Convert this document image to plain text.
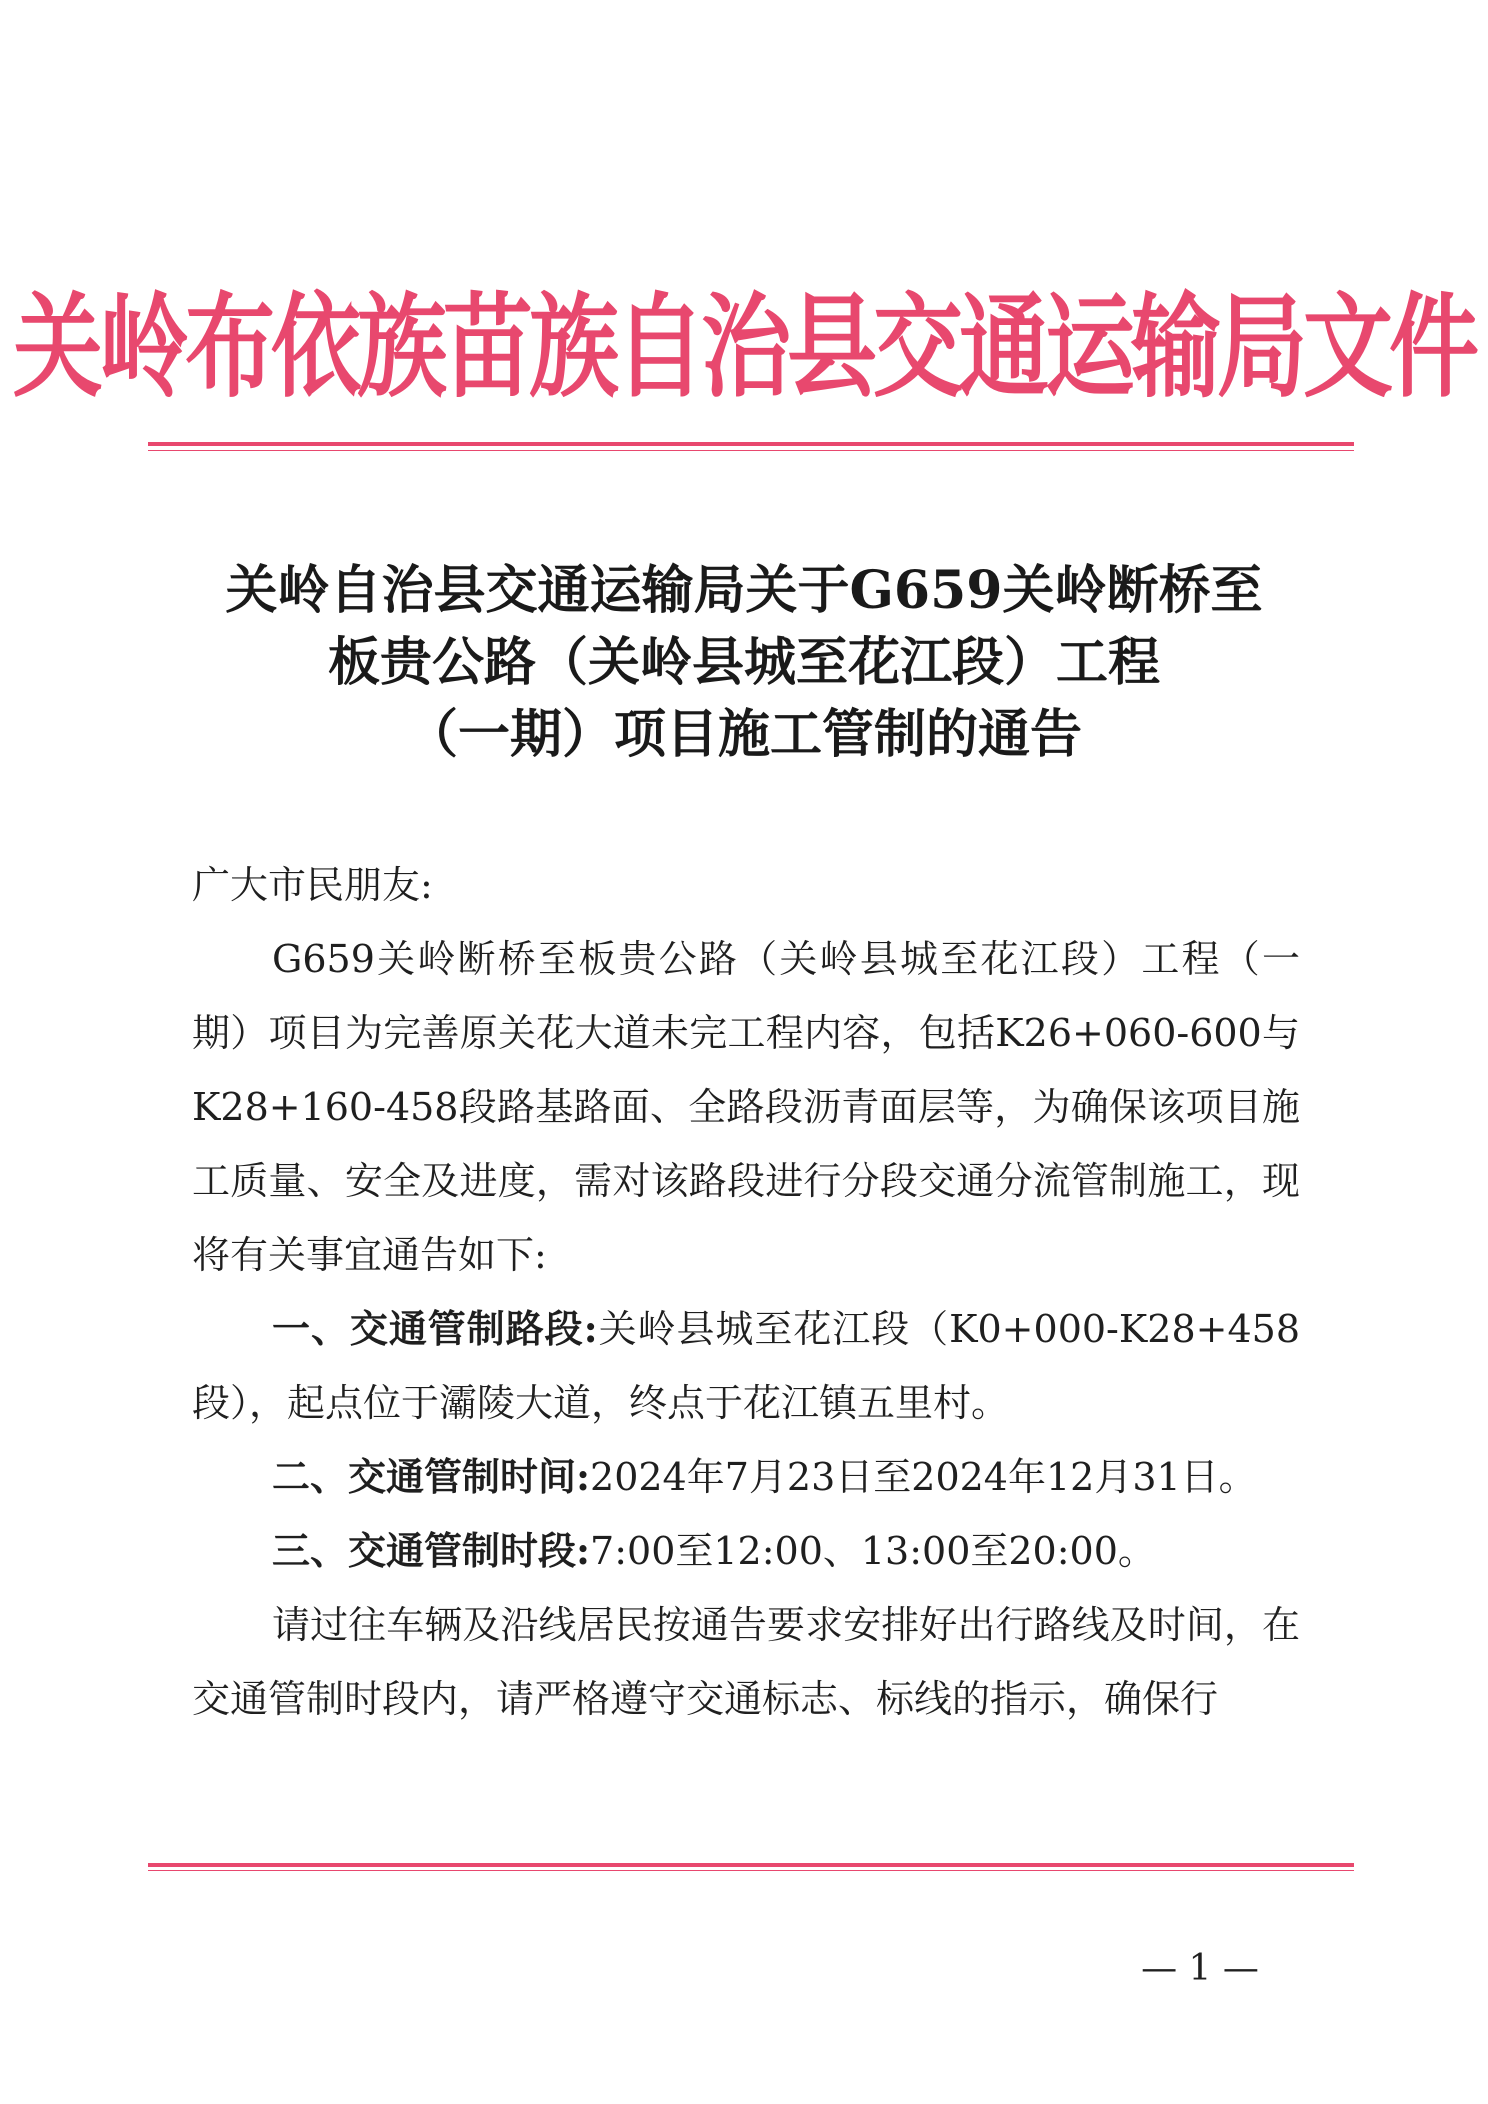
关岭布依族苗族自治县交通运输局文件
关岭自治县交通运输局关于G659关岭断桥至
板贵公路（关岭县城至花江段）工程
（一期）项目施工管制的通告

广大市民朋友:

G659关岭断桥至板贵公路（关岭县城至花江段）工程（一期）项目为完善原关花大道未完工程内容，包括K26+060-600与K28+160-458段路基路面、全路段沥青面层等，为确保该项目施工质量、安全及进度，需对该路段进行分段交通分流管制施工，现将有关事宜通告如下:

一、交通管制路段:关岭县城至花江段（K0+000-K28+458段），起点位于灞陵大道，终点于花江镇五里村。

二、交通管制时间:2024年7月23日至2024年12月31日。

三、交通管制时段:7:00至12:00、13:00至20:00。

请过往车辆及沿线居民按通告要求安排好出行路线及时间，在交通管制时段内，请严格遵守交通标志、标线的指示，确保行

— 1 —
